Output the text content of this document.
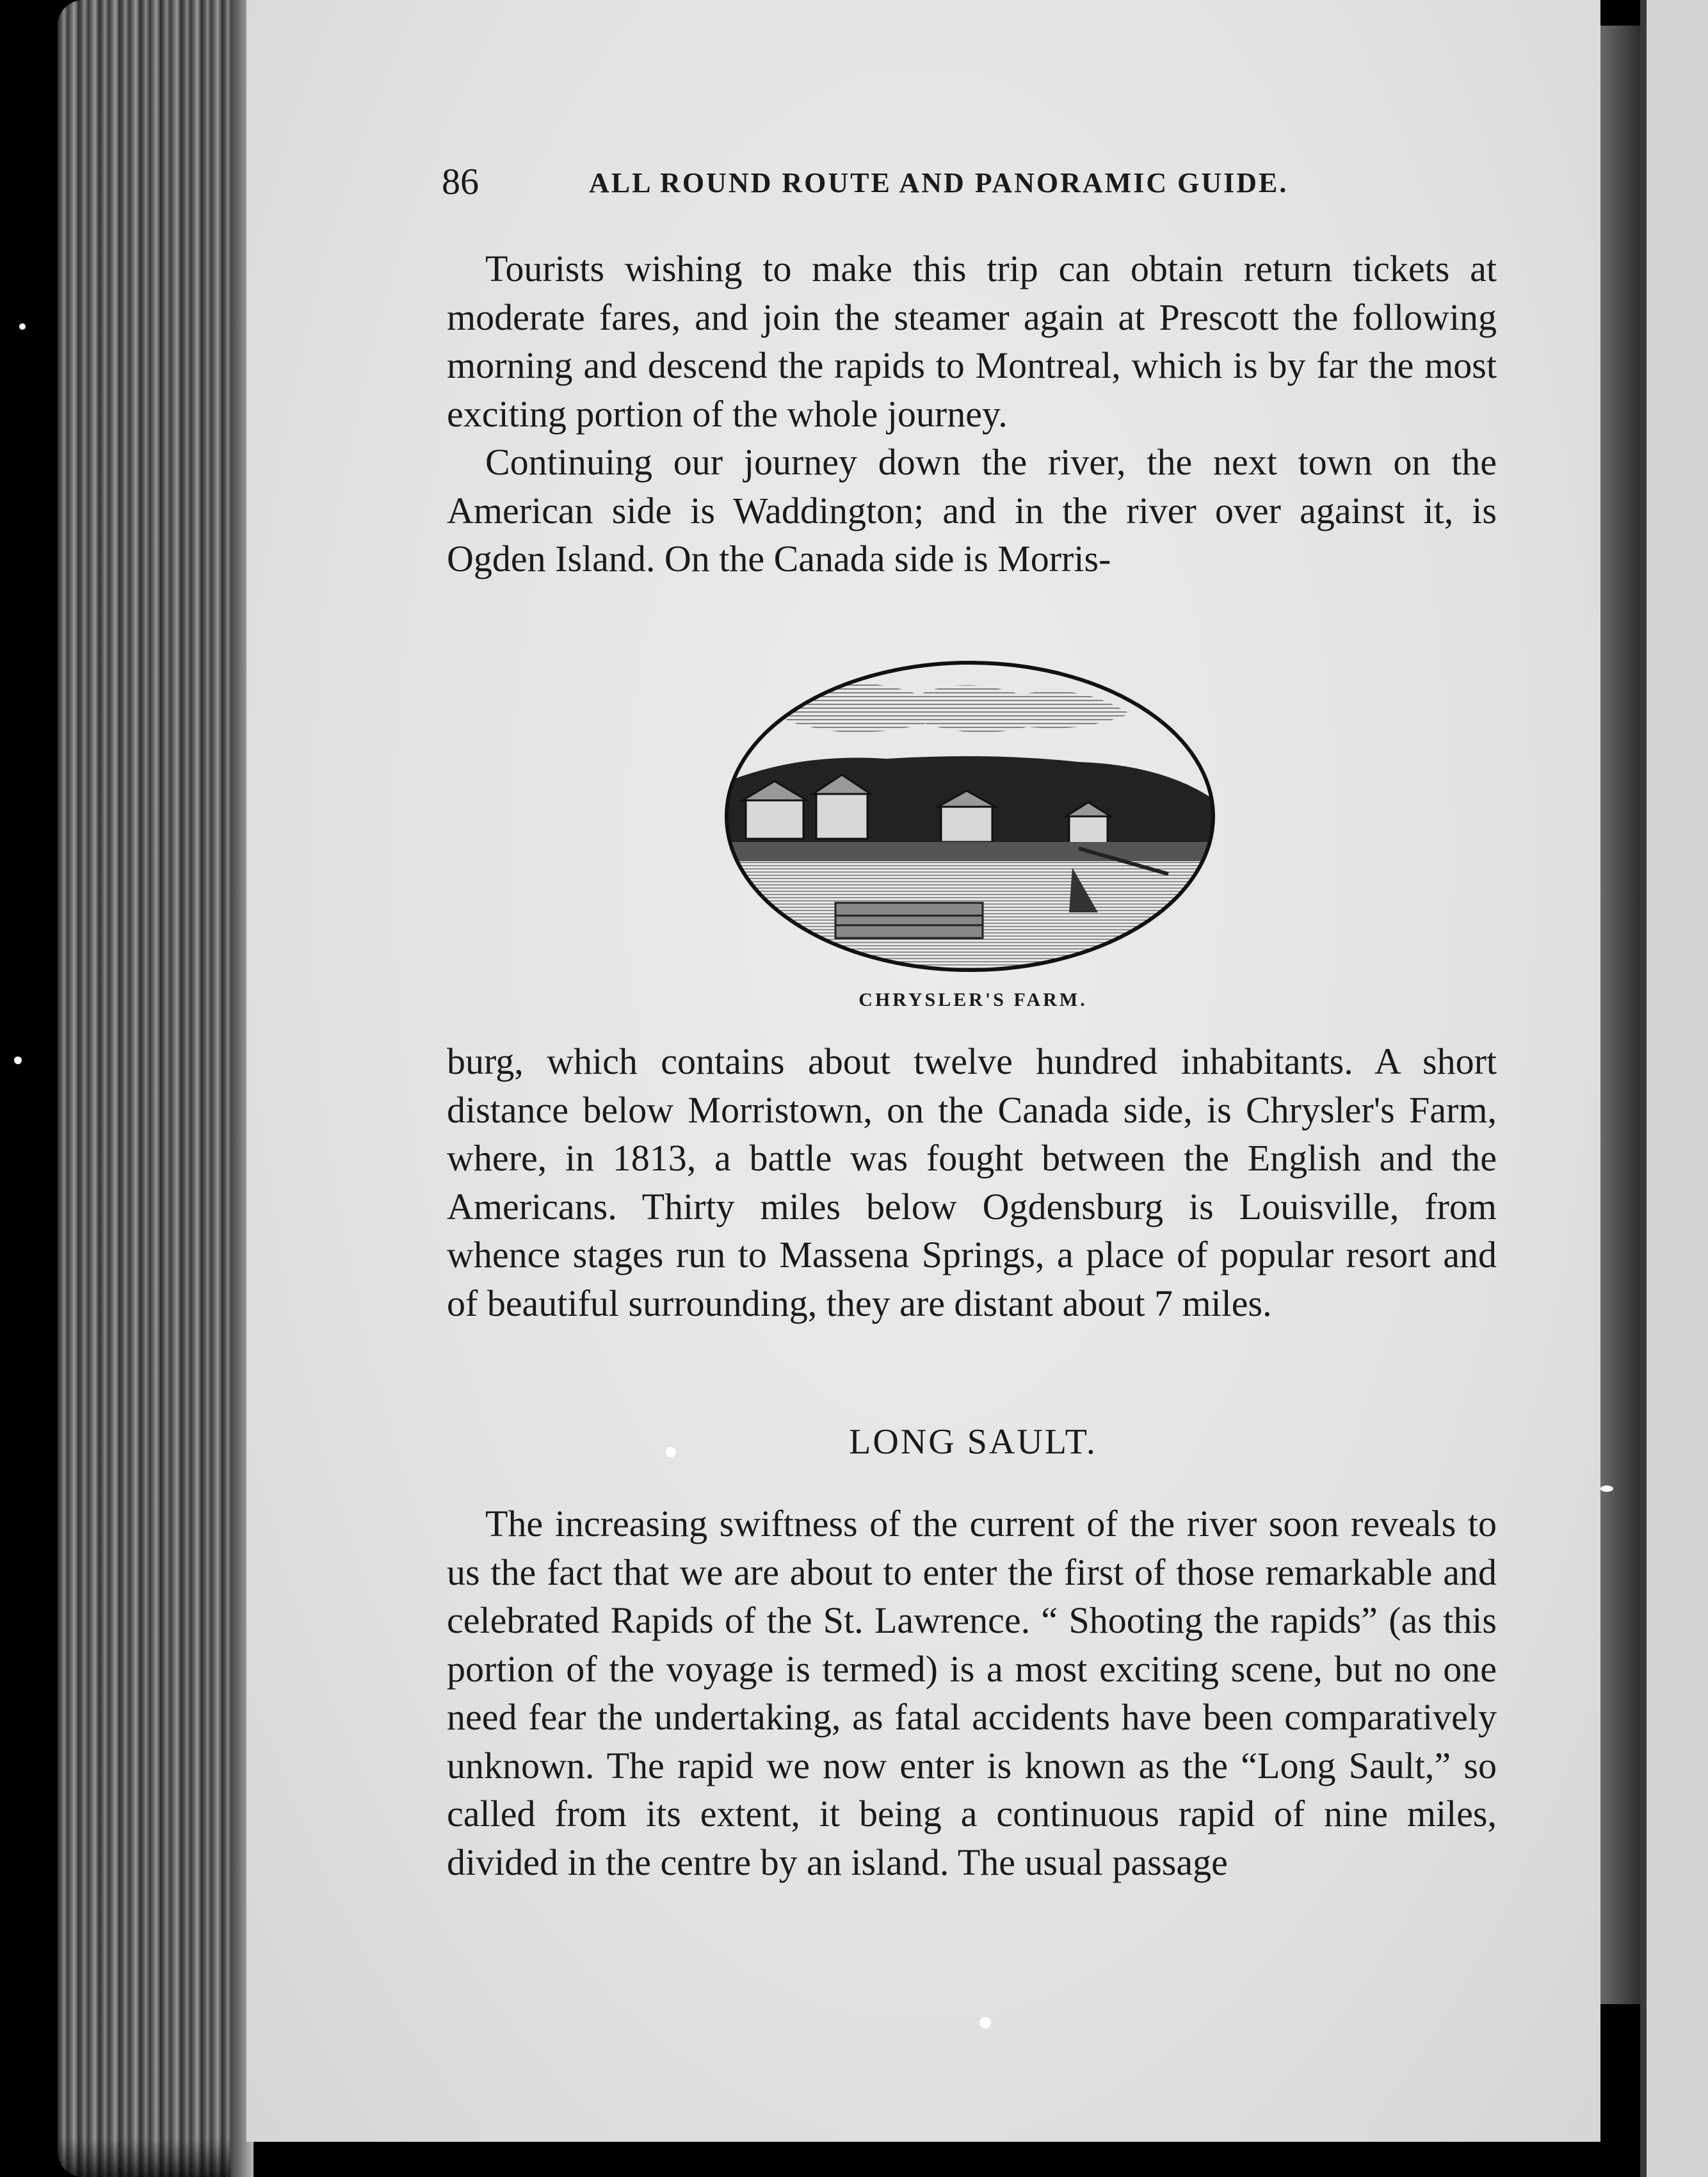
86	ALL ROUND ROUTE AND PANORAMIC GUIDE.

Tourists wishing to make this trip can obtain return tickets at moderate fares, and join the steamer again at Prescott the following morning and descend the rapids to Montreal, which is by far the most exciting portion of the whole journey.

Continuing our journey down the river, the next town on the American side is Waddington; and in the river over against it, is Ogden Island. On the Canada side is Morris-

CHRYSLER'S FARM.

burg, which contains about twelve hundred inhabitants. A short distance below Morristown, on the Canada side, is Chrysler's Farm, where, in 1813, a battle was fought between the English and the Americans. Thirty miles below Ogdensburg is Louisville, from whence stages run to Massena Springs, a place of popular resort and of beautiful surrounding, they are distant about 7 miles.

LONG SAULT.

The increasing swiftness of the current of the river soon reveals to us the fact that we are about to enter the first of those remarkable and celebrated Rapids of the St. Lawrence. “ Shooting the rapids” (as this portion of the voyage is termed) is a most exciting scene, but no one need fear the undertaking, as fatal accidents have been comparatively unknown. The rapid we now enter is known as the “Long Sault,” so called from its extent, it being a continuous rapid of nine miles, divided in the centre by an island. The usual passage
